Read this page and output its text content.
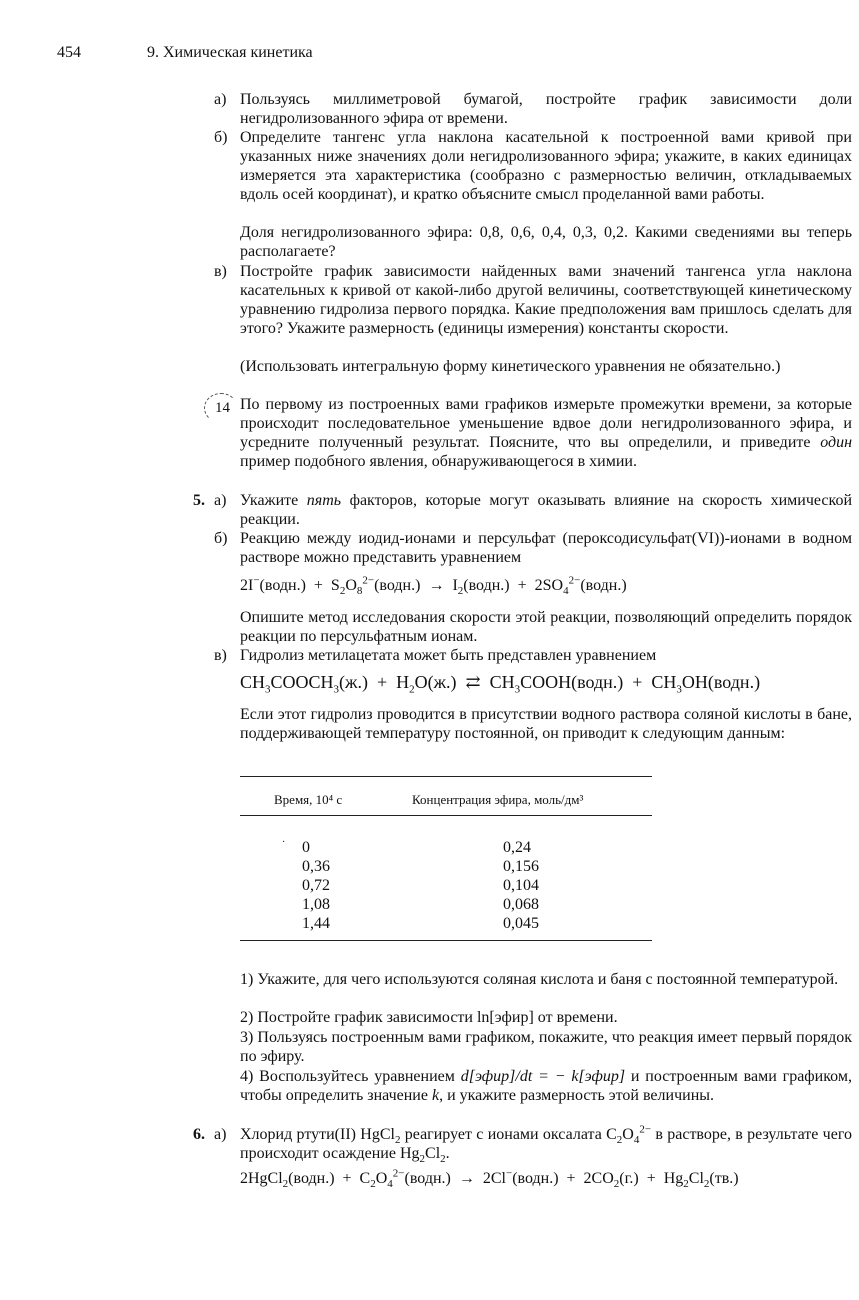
454	9. Химическая кинетика
а) Пользуясь миллиметровой бумагой, постройте график зависимости доли негидролизованного эфира от времени.
б) Определите тангенс угла наклона касательной к построенной вами кривой при указанных ниже значениях доли негидролизованного эфира; укажите, в каких единицах измеряется эта характеристика (сообразно с размерностью величин, откладываемых вдоль осей координат), и кратко объясните смысл проделанной вами работы.
Доля негидролизованного эфира: 0,8, 0,6, 0,4, 0,3, 0,2. Какими сведениями вы теперь располагаете?
в) Постройте график зависимости найденных вами значений тангенса угла наклона касательных к кривой от какой-либо другой величины, соответствующей кинетическому уравнению гидролиза первого порядка. Какие предположения вам пришлось сделать для этого? Укажите размерность (единицы измерения) константы скорости.
(Использовать интегральную форму кинетического уравнения не обязательно.)
14 По первому из построенных вами графиков измерьте промежутки времени, за которые происходит последовательное уменьшение вдвое доли негидролизованного эфира, и усредните полученный результат. Поясните, что вы определили, и приведите один пример подобного явления, обнаруживающегося в химии.
5. а) Укажите пять факторов, которые могут оказывать влияние на скорость химической реакции.
б) Реакцию между иодид-ионами и персульфат (пероксодисульфат(VI))-ионами в водном растворе можно представить уравнением
2I−(водн.)  +  $S_2O_8^{2-}(водн.)$  →  $I_2(водн.)$  +  $2SO_4^{2-}(водн.)$
Опишите метод исследования скорости этой реакции, позволяющий определить порядок реакции по персульфатным ионам.
в) Гидролиз метилацетата может быть представлен уравнением
$CH_3COOCH_3(ж.) + H_2O(ж.)$  ⇄  $CH_3COOH(водн.)$  +  $CH_3OH(водн.)$
Если этот гидролиз проводится в присутствии водного раствора соляной кислоты в бане, поддерживающей температуру постоянной, он приводит к следующим данным:
Время, 10⁴ с	Концентрация эфира, моль/дм³
0	0,24
0,36	0,156
0,72	0,104
1,08	0,068
1,44	0,045
·
1) Укажите, для чего используются соляная кислота и баня с постоянной температурой.
2) Постройте график зависимости ln[эфир] от времени.
3) Пользуясь построенным вами графиком, покажите, что реакция имеет первый порядок по эфиру.
4) Воспользуйтесь уравнением d[эфир]/dt = − k[эфир] и построенным вами графиком, чтобы определить значение k, и укажите размерность этой величины.
6. а) Хлорид ртути(II) HgCl$_2$ реагирует с ионами оксалата $C_2O_4^{2-}$ в растворе, в результате чего происходит осаждение $Hg_2Cl_2$.
2HgCl$_2$(водн.)  +  $C_2O_4^{2-}(водн.)$  →  2Cl−(водн.)  +  $2CO_2(г.) + Hg_2Cl_2(тв.)$
